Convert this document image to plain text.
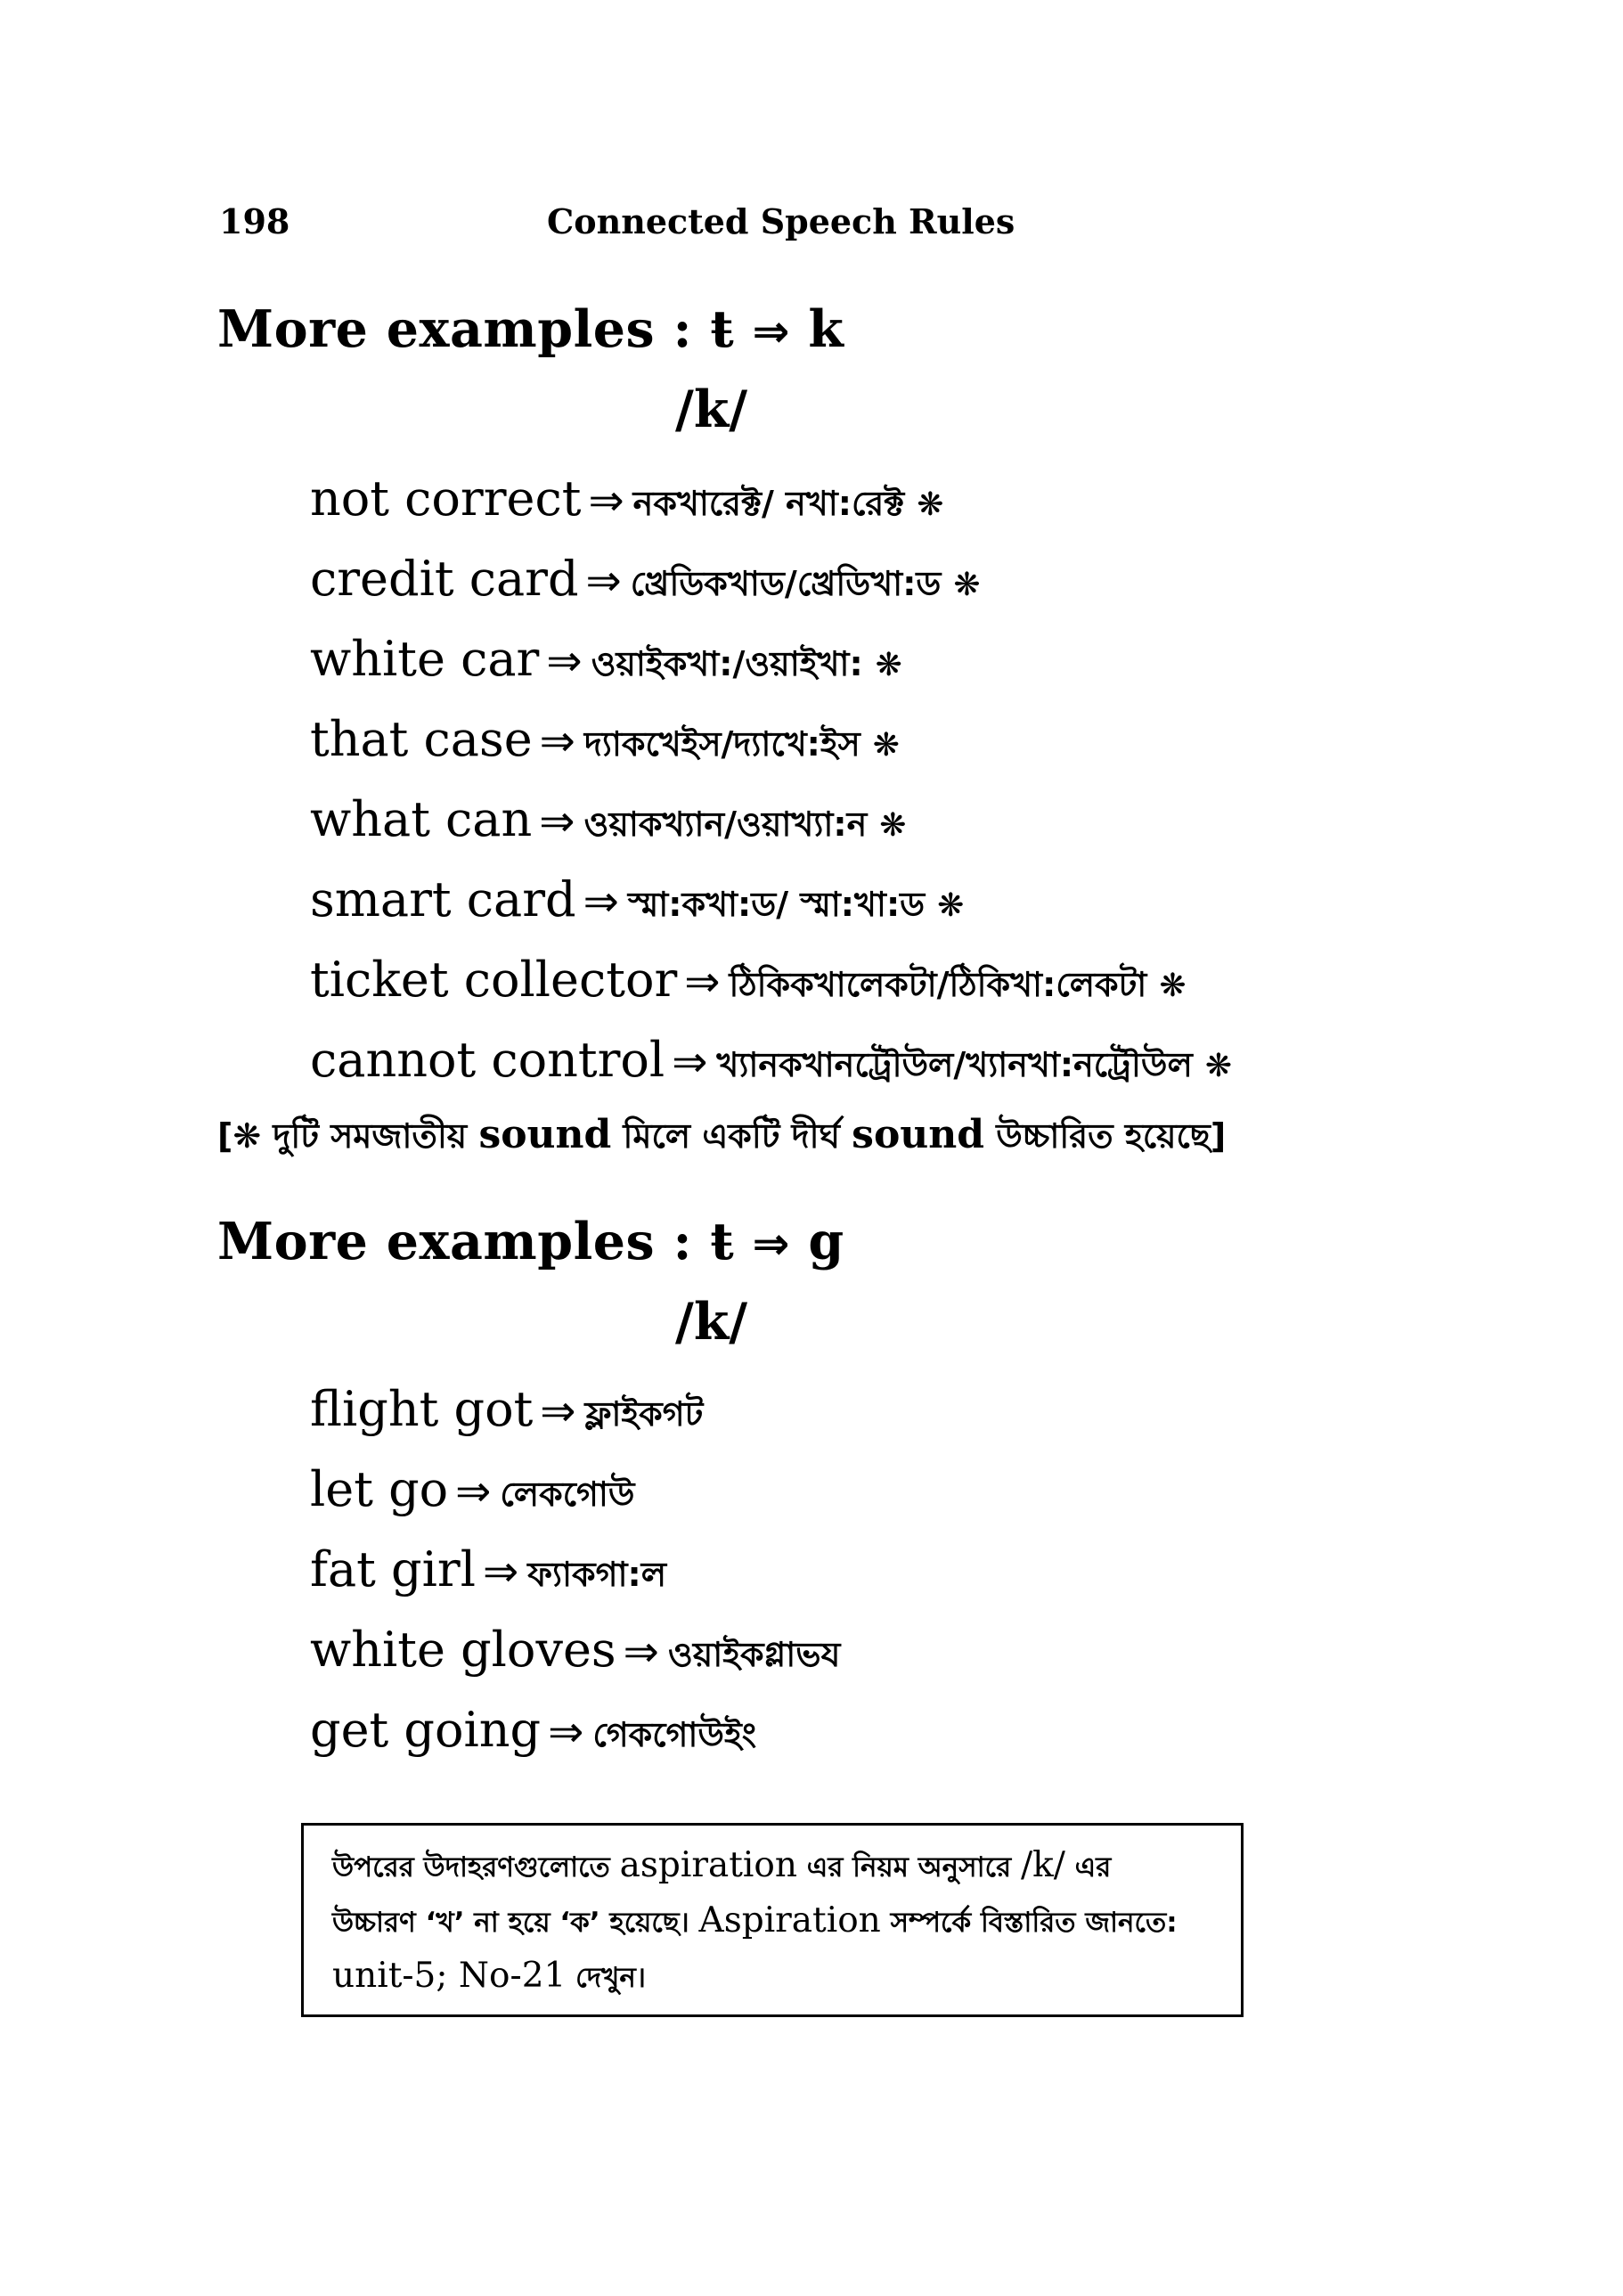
198	Connected Speech Rules
More examples : ŧ ⇒ k
/k/
not correct ⇒ নকখারেক্ট/ নখা:রেক্ট ❋
credit card ⇒ খ্রেডিকখাড/খ্রেডিখা:ড ❋
white car ⇒ ওয়াইকখা:/ওয়াইখা: ❋
that case ⇒ দ্যাকখেইস/দ্যাখে:ইস ❋
what can ⇒ ওয়াকখ্যান/ওয়াখ্যা:ন ❋
smart card ⇒ স্মা:কখা:ড/ স্মা:খা:ড ❋
ticket collector ⇒ ঠিকিকখালেকটা/ঠিকিখা:লেকটা ❋
cannot control ⇒ খ্যানকখানট্রৌউল/খ্যানখা:নট্রৌউল ❋
[❋ দুটি সমজাতীয় sound মিলে একটি দীর্ঘ sound উচ্চারিত হয়েছে]
More examples : ŧ ⇒ g
/k/
flight got ⇒ ফ্লাইকগট
let go ⇒ লেকগোউ
fat girl ⇒ ফ্যাকগা:ল
white gloves ⇒ ওয়াইকগ্লাভয
get going ⇒ গেকগোউইং
উপরের উদাহরণগুলোতে aspiration এর নিয়ম অনুসারে /k/ এর
উচ্চারণ ‘খ’ না হয়ে ‘ক’ হয়েছে। Aspiration সম্পর্কে বিস্তারিত জানতে:
unit-5; No-21 দেখুন।
